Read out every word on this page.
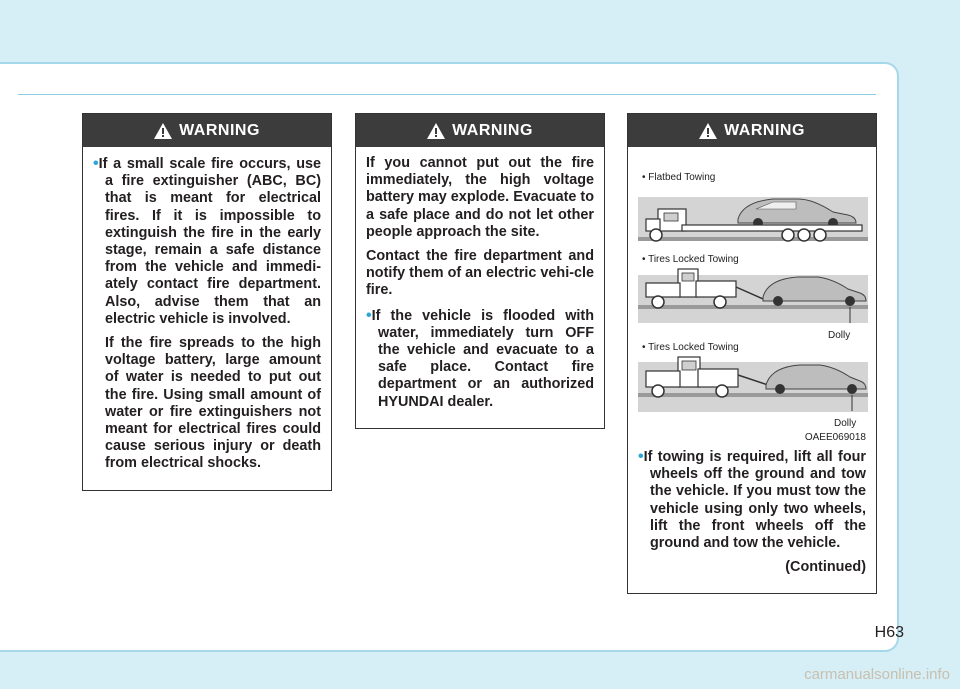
WARNING

•If a small scale fire occurs, use a fire extinguisher (ABC, BC) that is meant for electrical fires. If it is impossible to extinguish the fire in the early stage, remain a safe distance from the vehicle and immedi-ately contact fire department. Also, advise them that an electric vehicle is involved.

If the fire spreads to the high voltage battery, large amount of water is needed to put out the fire. Using small amount of water or fire extinguishers not meant for electrical fires could cause serious injury or death from electrical shocks.

WARNING

If you cannot put out the fire immediately, the high voltage battery may explode. Evacuate to a safe place and do not let other people approach the site.

Contact the fire department and notify them of an electric vehi-cle fire.

•If the vehicle is flooded with water, immediately turn OFF the vehicle and evacuate to a safe place. Contact fire department or an authorized HYUNDAI dealer.

WARNING
• Flatbed Towing
• Tires Locked Towing
Dolly
• Tires Locked Towing
Dolly
OAEE069018

•If towing is required, lift all four wheels off the ground and tow the vehicle. If you must tow the vehicle using only two wheels, lift the front wheels off the ground and tow the vehicle.

(Continued)

H63
carmanualsonline.info
